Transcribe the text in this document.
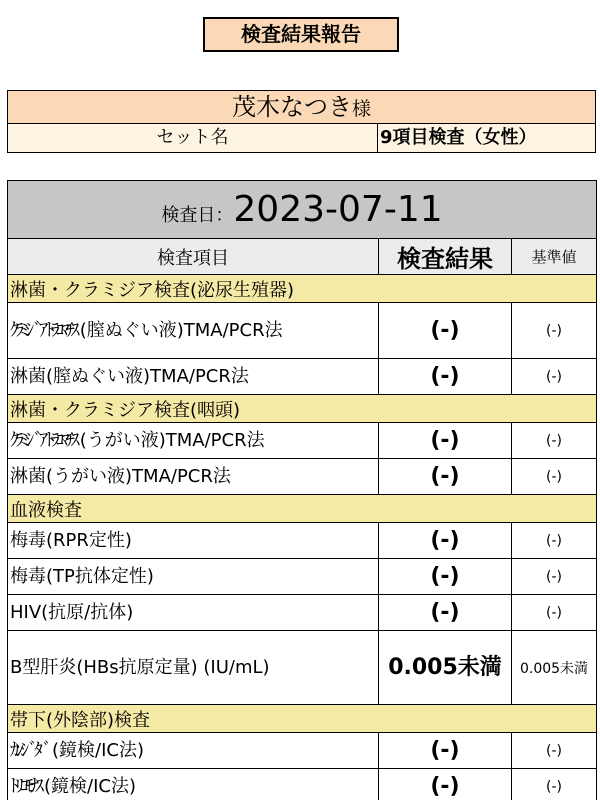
検査結果報告
茂木なつき様
セット名	9項目検査（女性）
検査日：2023-07-11		
検査項目	検査結果	基準値
淋菌・クラミジア検査(泌尿生殖器)		
ｸﾗﾐｼﾞｱ ﾄﾗｺﾏﾁｽ (膣ぬぐい液)TMA/PCR法	(-)	(-)
淋菌(膣ぬぐい液)TMA/PCR法	(-)	(-)
淋菌・クラミジア検査(咽頭)		
ｸﾗﾐｼﾞｱ ﾄﾗｺﾏﾁｽ (うがい液)TMA/PCR法	(-)	(-)
淋菌(うがい液)TMA/PCR法	(-)	(-)
血液検査		
梅毒(RPR定性)	(-)	(-)
梅毒(TP抗体定性)	(-)	(-)
HIV(抗原/抗体)	(-)	(-)
B型肝炎(HBs抗原定量) (IU/mL)	0.005未満	0.005未満
帯下(外陰部)検査		
ｶﾝｼﾞﾀﾞ (鏡検/IC法)	(-)	(-)
ﾄﾘｺﾓﾅｽ (鏡検/IC法)	(-)	(-)
